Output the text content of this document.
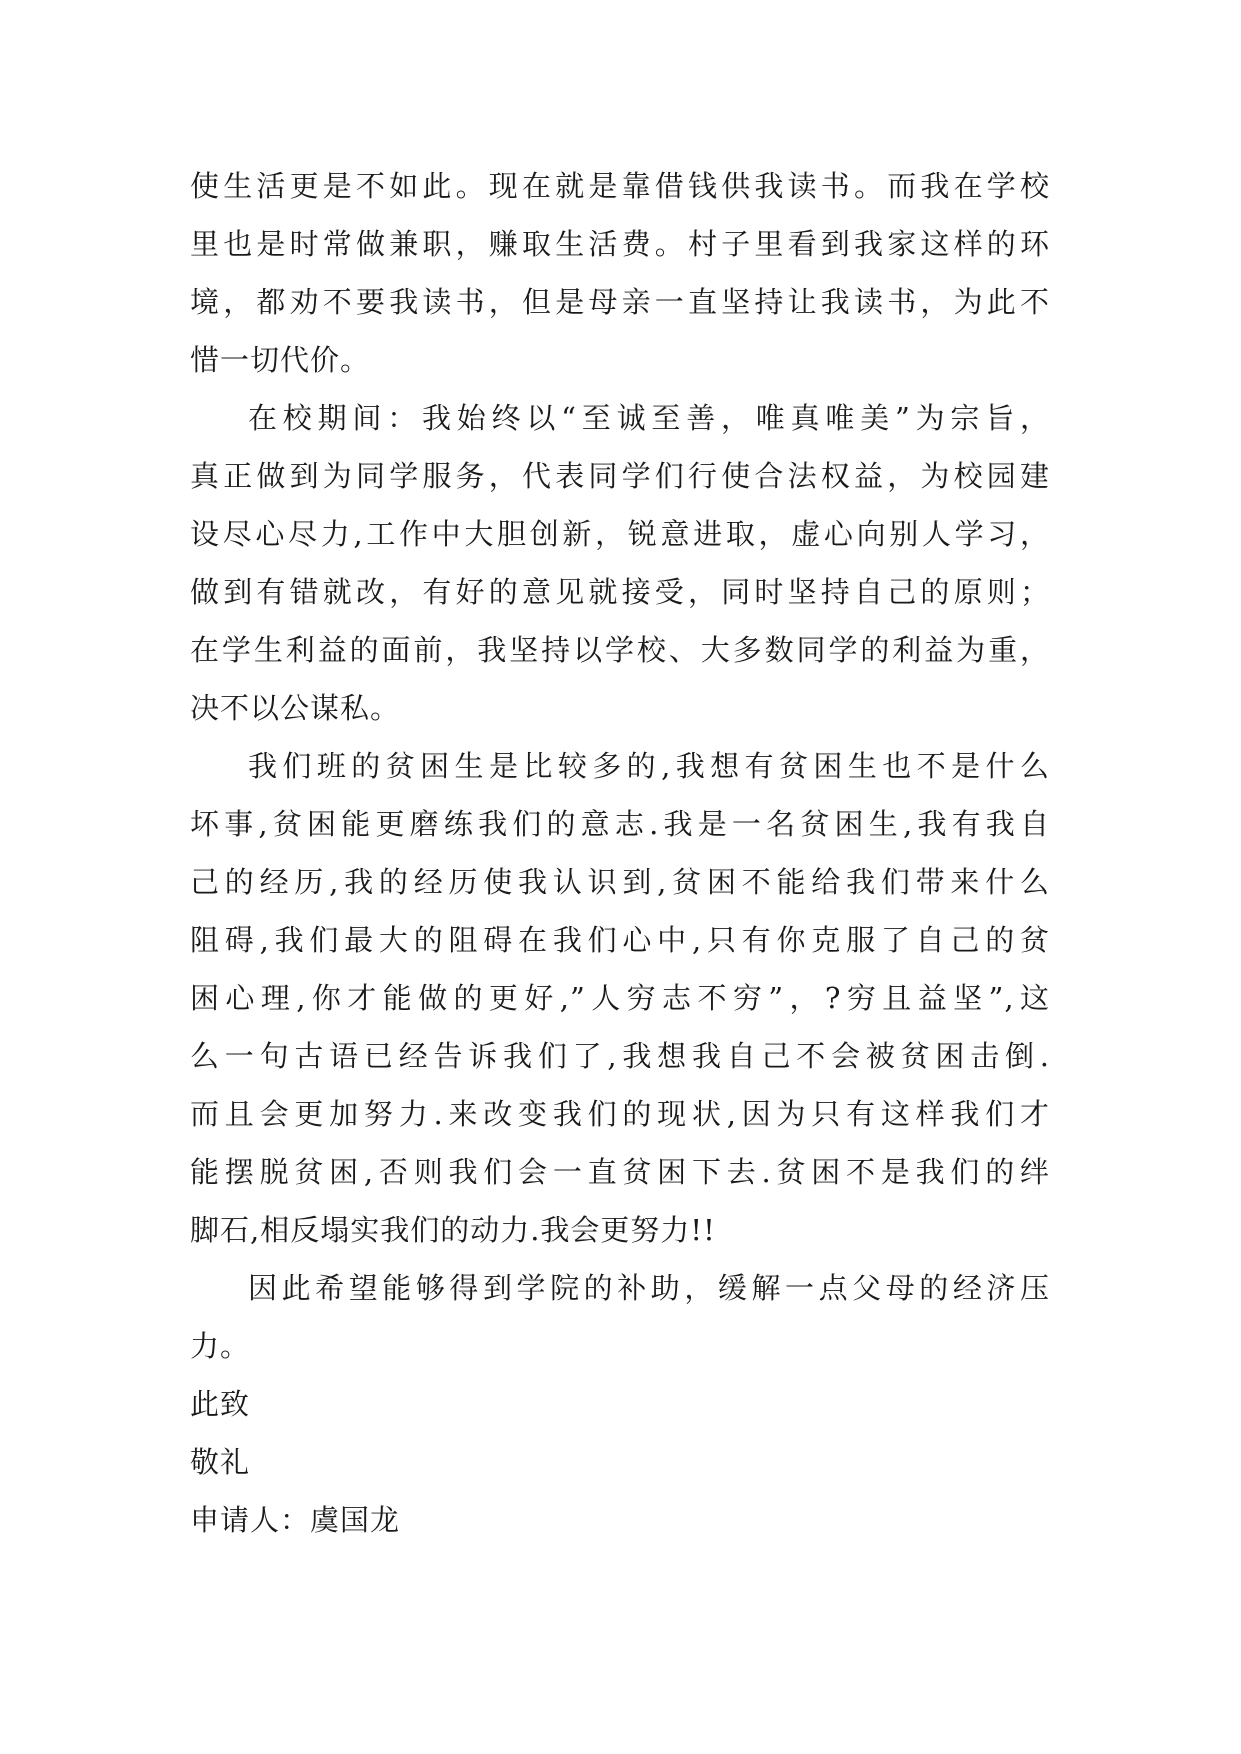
使生活更是不如此。现在就是靠借钱供我读书。而我在学校
里也是时常做兼职，赚取生活费。村子里看到我家这样的环
境，都劝不要我读书，但是母亲一直坚持让我读书，为此不
惜一切代价。
在校期间：我始终以“至诚至善，唯真唯美”为宗旨，
真正做到为同学服务，代表同学们行使合法权益，为校园建
设尽心尽力,工作中大胆创新，锐意进取，虚心向别人学习，
做到有错就改，有好的意见就接受，同时坚持自己的原则；
在学生利益的面前，我坚持以学校、大多数同学的利益为重，
决不以公谋私。
我们班的贫困生是比较多的,我想有贫困生也不是什么
坏事,贫困能更磨练我们的意志.我是一名贫困生,我有我自
己的经历,我的经历使我认识到,贫困不能给我们带来什么
阻碍,我们最大的阻碍在我们心中,只有你克服了自己的贫
困心理,你才能做的更好,”人穷志不穷”，?穷且益坚”,这
么一句古语已经告诉我们了,我想我自己不会被贫困击倒.
而且会更加努力.来改变我们的现状,因为只有这样我们才
能摆脱贫困,否则我们会一直贫困下去.贫困不是我们的绊
脚石,相反塌实我们的动力.我会更努力!!
因此希望能够得到学院的补助，缓解一点父母的经济压
力。
此致
敬礼
申请人：虞国龙
